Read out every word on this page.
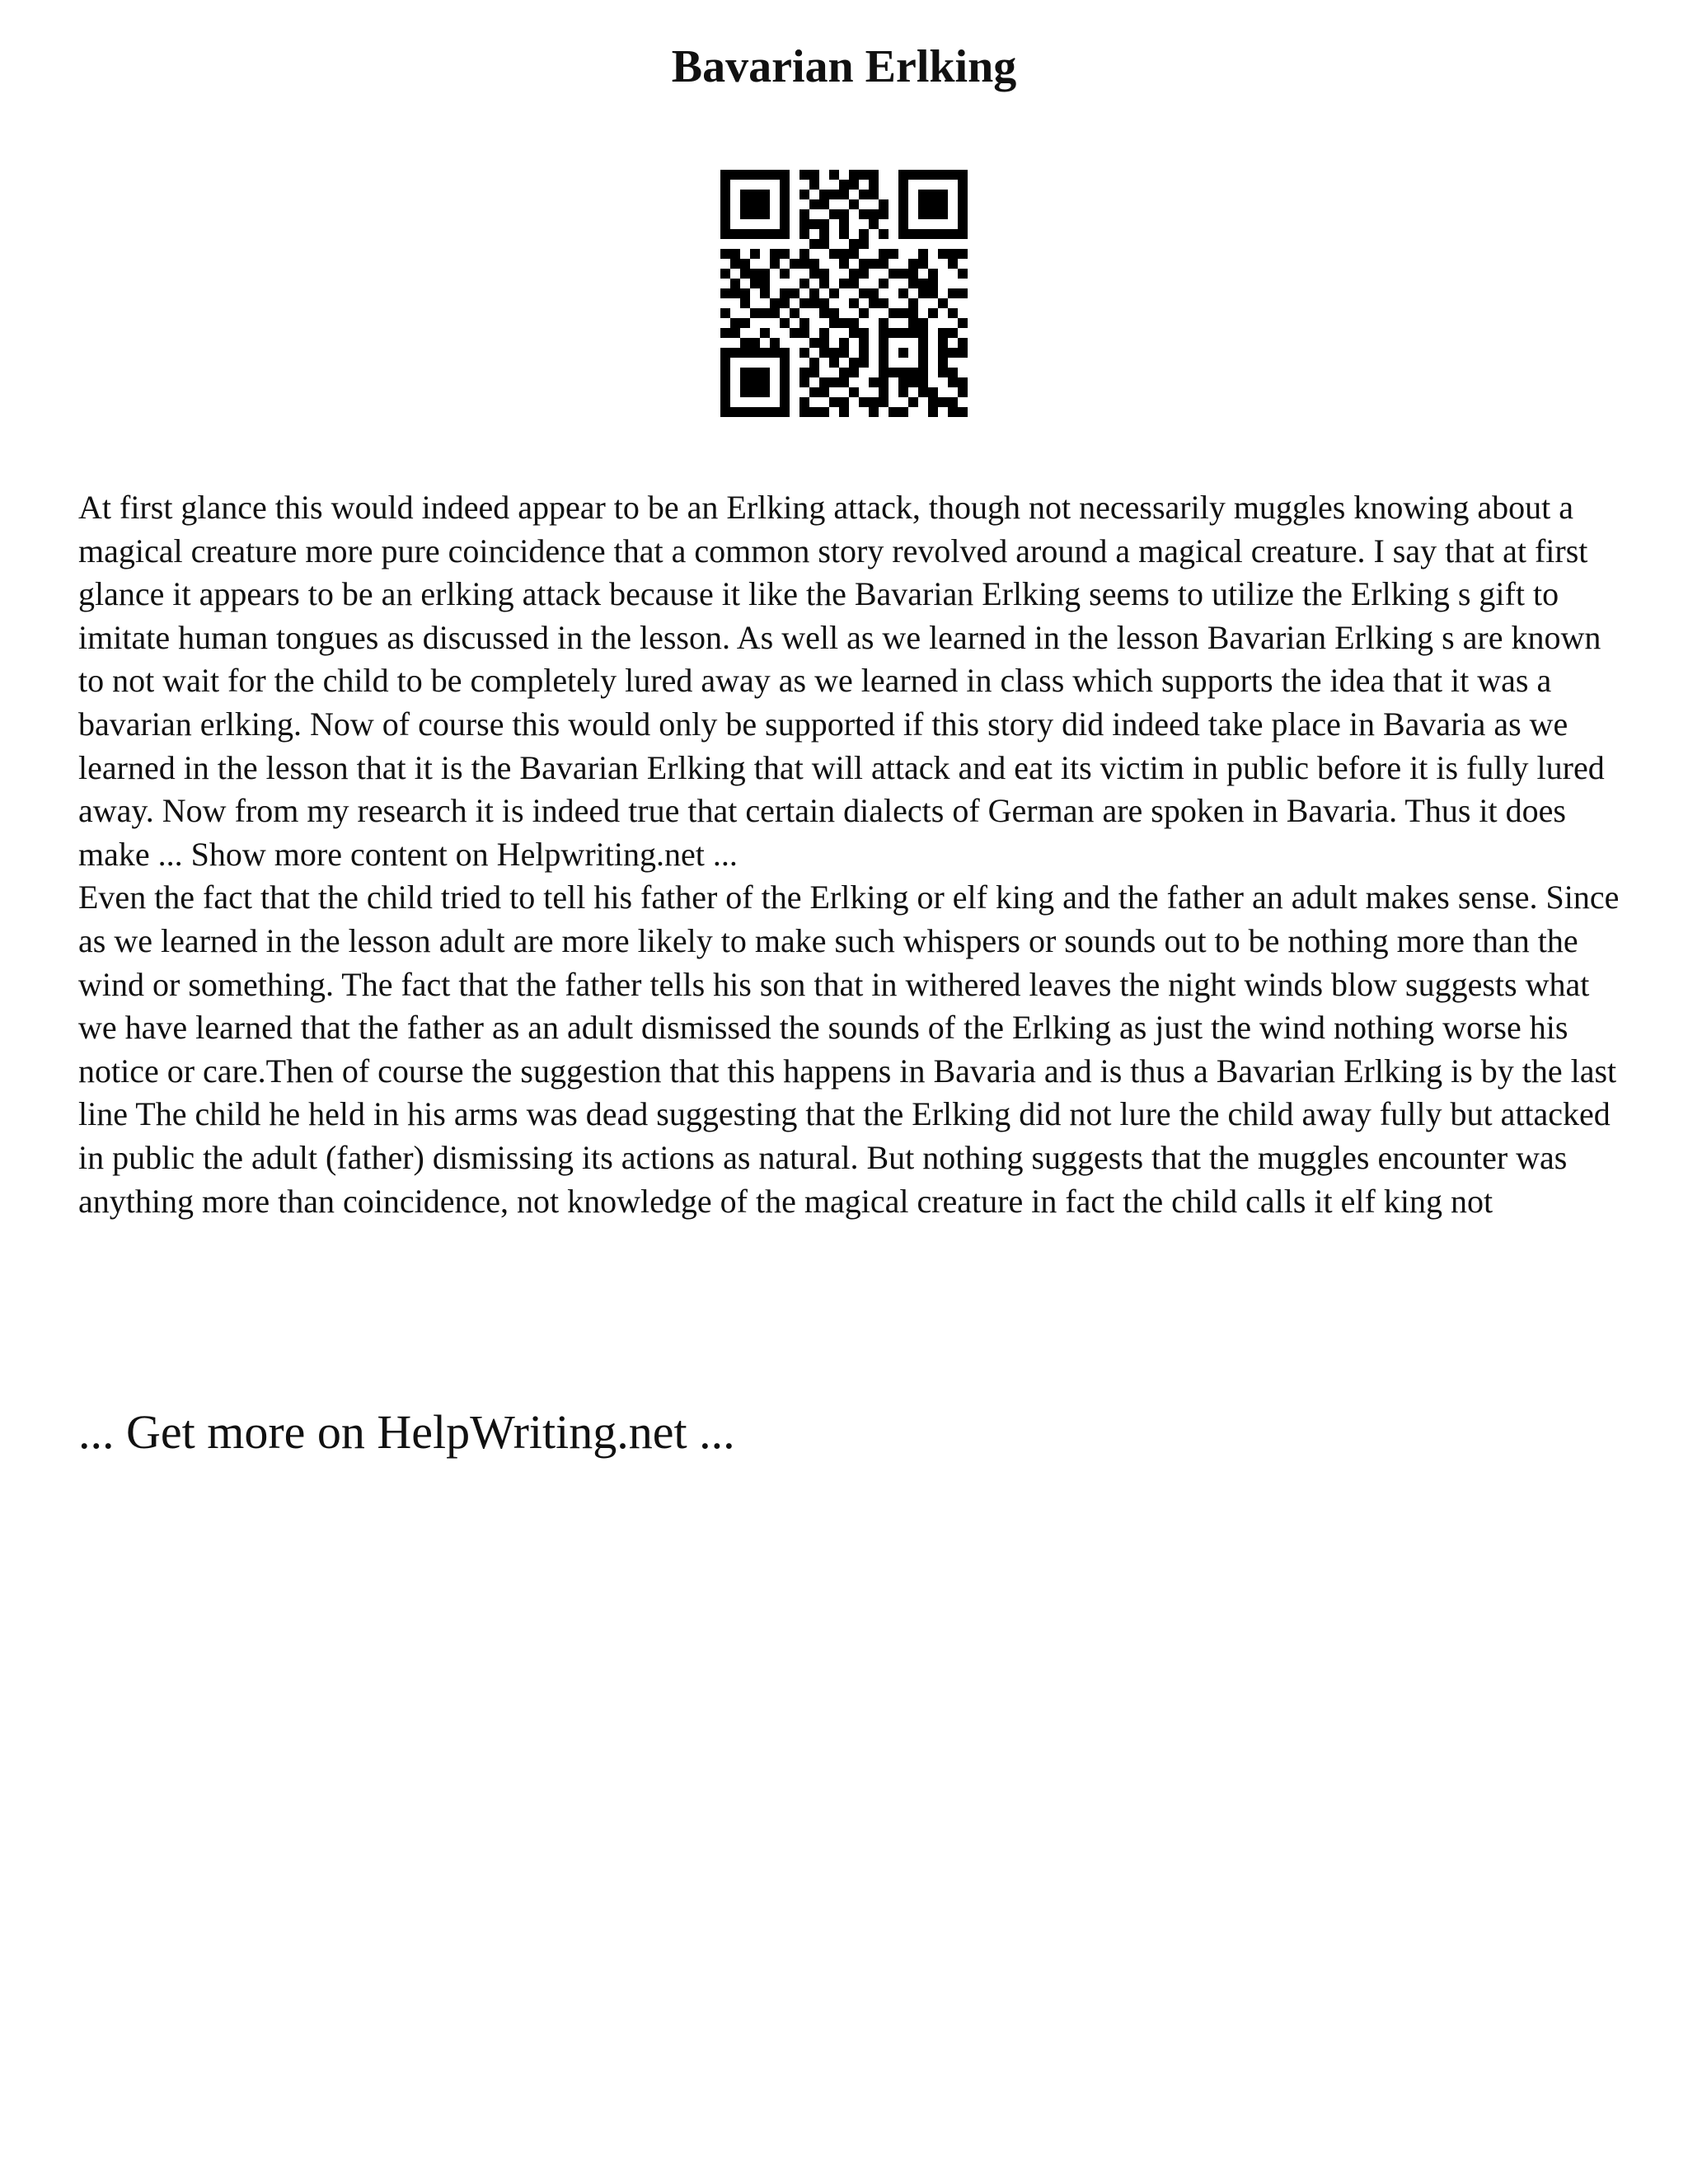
Bavarian Erlking

At first glance this would indeed appear to be an Erlking attack, though not necessarily muggles knowing about a magical creature more pure coincidence that a common story revolved around a magical creature. I say that at first glance it appears to be an erlking attack because it like the Bavarian Erlking seems to utilize the Erlking s gift to imitate human tongues as discussed in the lesson. As well as we learned in the lesson Bavarian Erlking s are known to not wait for the child to be completely lured away as we learned in class which supports the idea that it was a bavarian erlking. Now of course this would only be supported if this story did indeed take place in Bavaria as we learned in the lesson that it is the Bavarian Erlking that will attack and eat its victim in public before it is fully lured away. Now from my research it is indeed true that certain dialects of German are spoken in Bavaria. Thus it does make ... Show more content on Helpwriting.net ...

Even the fact that the child tried to tell his father of the Erlking or elf king and the father an adult makes sense. Since as we learned in the lesson adult are more likely to make such whispers or sounds out to be nothing more than the wind or something. The fact that the father tells his son that in withered leaves the night winds blow suggests what we have learned that the father as an adult dismissed the sounds of the Erlking as just the wind nothing worse his notice or care.Then of course the suggestion that this happens in Bavaria and is thus a Bavarian Erlking is by the last line The child he held in his arms was dead suggesting that the Erlking did not lure the child away fully but attacked in public the adult (father) dismissing its actions as natural. But nothing suggests that the muggles encounter was anything more than coincidence, not knowledge of the magical creature in fact the child calls it elf king not

... Get more on HelpWriting.net ...
